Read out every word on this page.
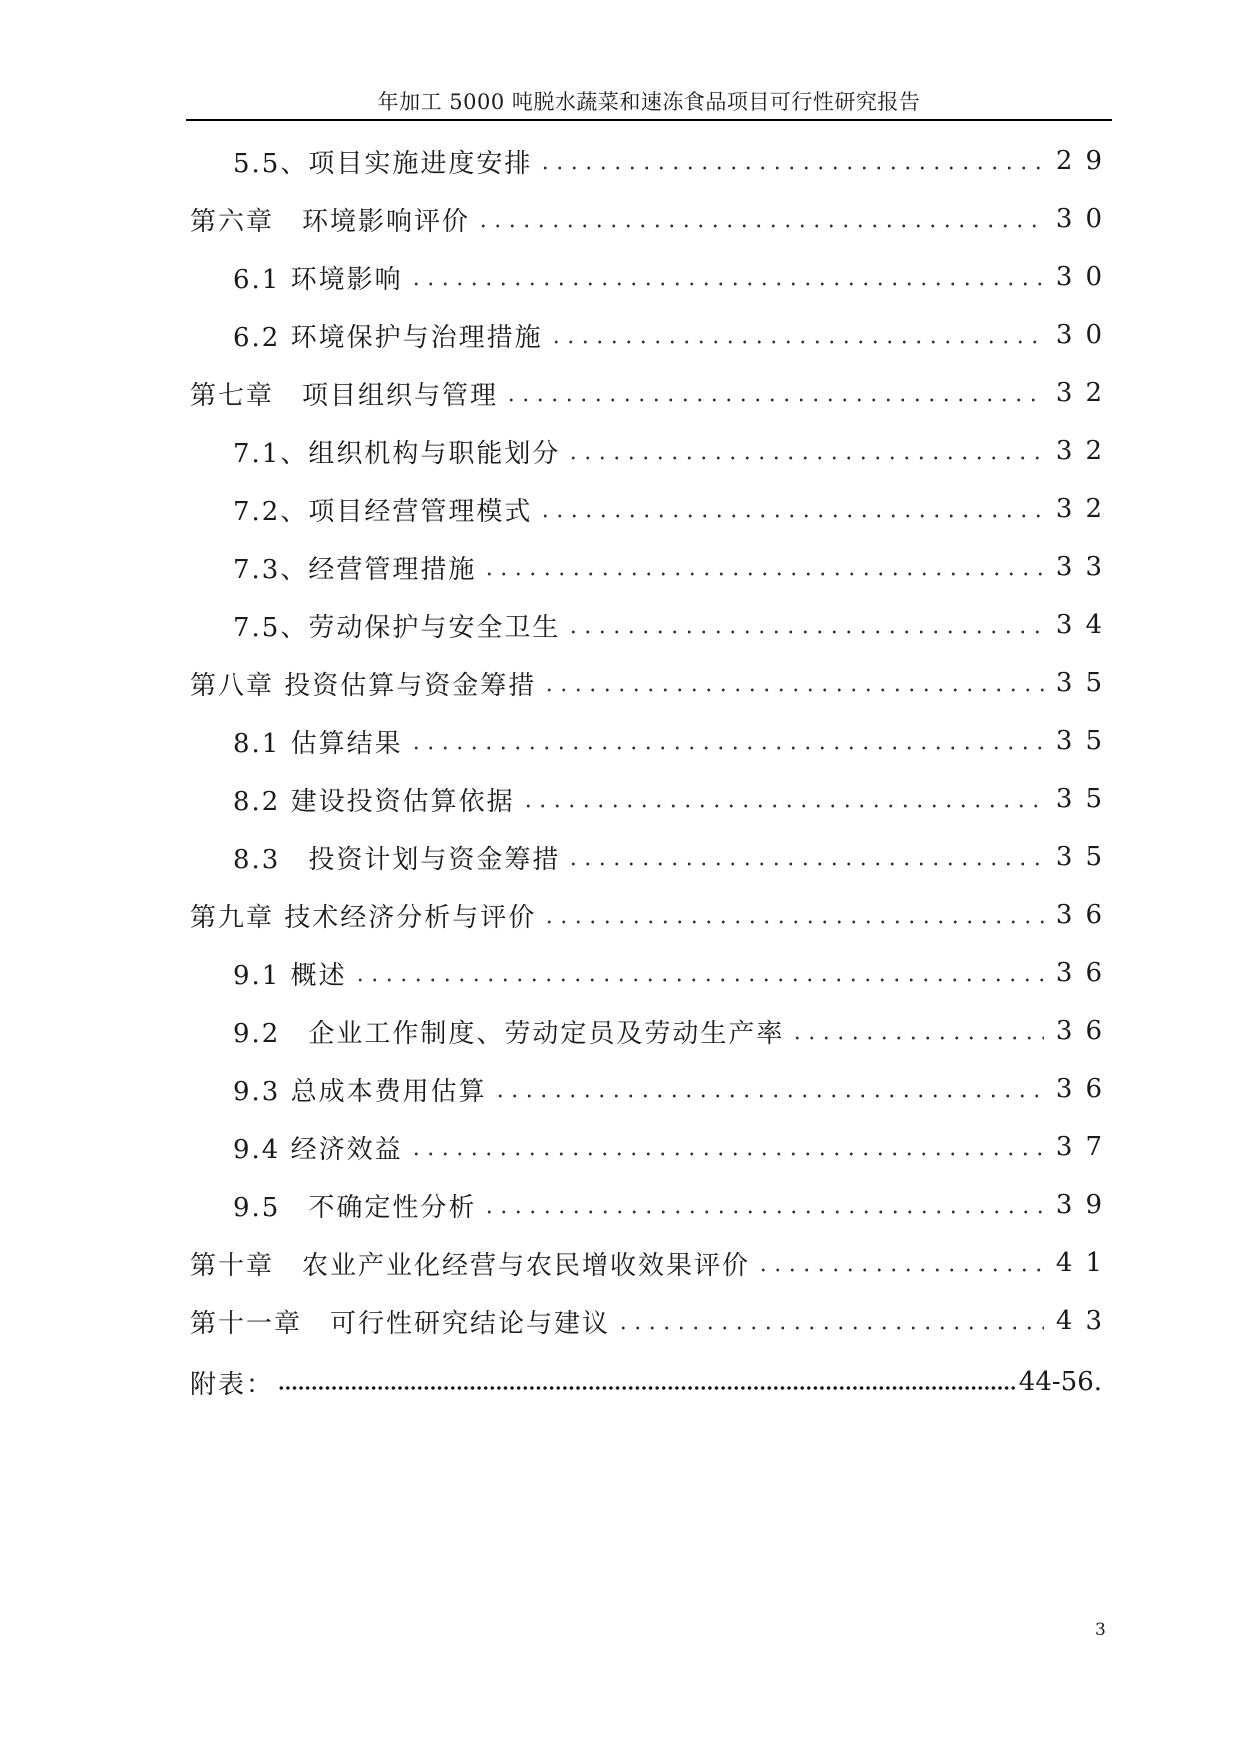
年加工 5000 吨脱水蔬菜和速冻食品项目可行性研究报告
5.5、项目实施进度安排	29
第六章　环境影响评价	30
6.1 环境影响	30
6.2 环境保护与治理措施	30
第七章　项目组织与管理	32
7.1、组织机构与职能划分	32
7.2、项目经营管理模式	32
7.3、经营管理措施	33
7.5、劳动保护与安全卫生	34
第八章 投资估算与资金筹措	35
8.1 估算结果	35
8.2 建设投资估算依据	35
8.3　投资计划与资金筹措	35
第九章 技术经济分析与评价	36
9.1 概述	36
9.2　企业工作制度、劳动定员及劳动生产率	36
9.3 总成本费用估算	36
9.4 经济效益	37
9.5　不确定性分析	39
第十章　农业产业化经营与农民增收效果评价	41
第十一章　可行性研究结论与建议	43
附表：	44-56.
3
